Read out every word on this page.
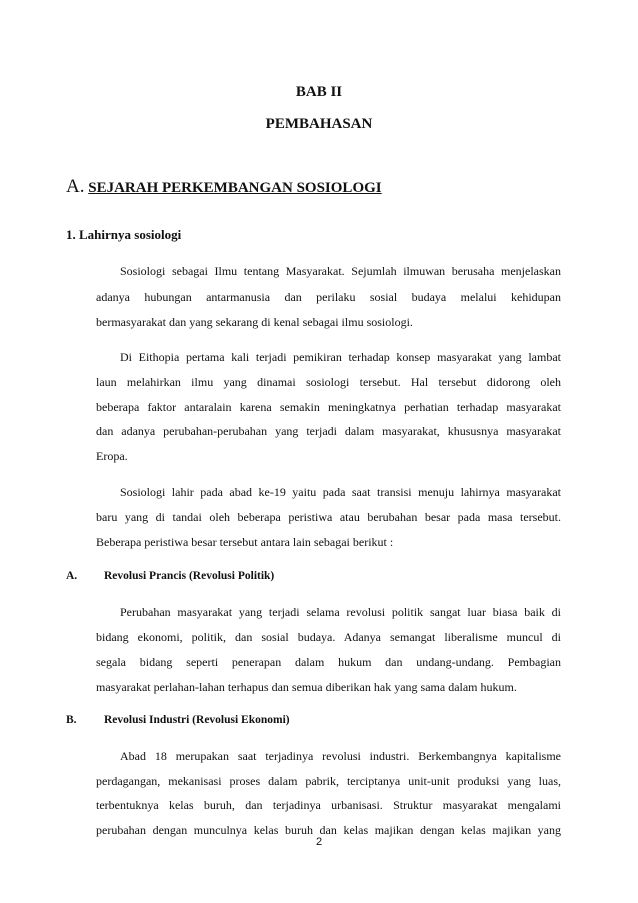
BAB II
PEMBAHASAN
A. SEJARAH PERKEMBANGAN SOSIOLOGI
1. Lahirnya sosiologi
Sosiologi sebagai Ilmu tentang Masyarakat. Sejumlah ilmuwan berusaha menjelaskan
adanya hubungan antarmanusia dan perilaku sosial budaya melalui kehidupan
bermasyarakat dan yang sekarang di kenal sebagai ilmu sosiologi.
Di Eithopia pertama kali terjadi pemikiran terhadap konsep masyarakat yang lambat
laun melahirkan ilmu yang dinamai sosiologi tersebut. Hal tersebut didorong oleh
beberapa faktor antaralain karena semakin meningkatnya perhatian terhadap masyarakat
dan adanya perubahan-perubahan yang terjadi dalam masyarakat, khususnya masyarakat
Eropa.
Sosiologi lahir pada abad ke-19 yaitu pada saat transisi menuju lahirnya masyarakat
baru yang di tandai oleh beberapa peristiwa atau berubahan besar pada masa tersebut.
Beberapa peristiwa besar tersebut antara lain sebagai berikut :
A. Revolusi Prancis (Revolusi Politik)
Perubahan masyarakat yang terjadi selama revolusi politik sangat luar biasa baik di
bidang ekonomi, politik, dan sosial budaya. Adanya semangat liberalisme muncul di
segala bidang seperti penerapan dalam hukum dan undang-undang. Pembagian
masyarakat perlahan-lahan terhapus dan semua diberikan hak yang sama dalam hukum.
B. Revolusi Industri (Revolusi Ekonomi)
Abad 18 merupakan saat terjadinya revolusi industri. Berkembangnya kapitalisme
perdagangan, mekanisasi proses dalam pabrik, terciptanya unit-unit produksi yang luas,
terbentuknya kelas buruh, dan terjadinya urbanisasi. Struktur masyarakat mengalami
perubahan dengan munculnya kelas buruh dan kelas majikan dengan kelas majikan yang
2
